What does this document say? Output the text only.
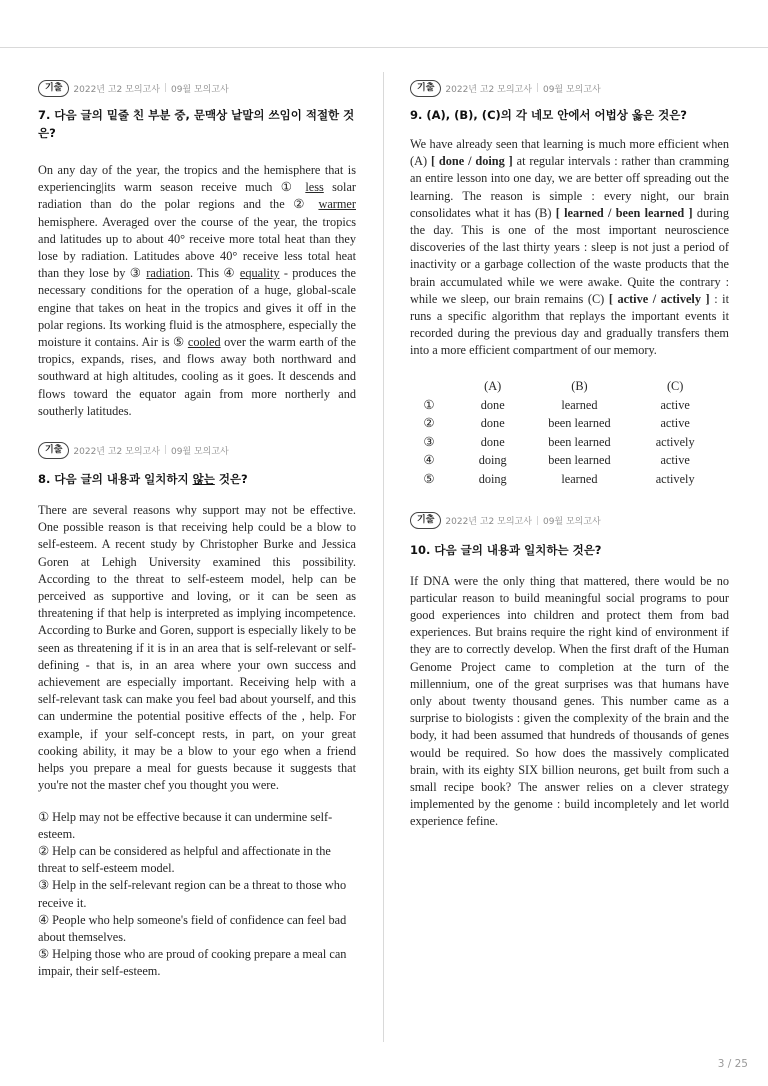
기출	2022년 고2 모의고사 | 09월 모의고사
7. 다음 글의 밑줄 친 부분 중, 문맥상 낱말의 쓰임이 적절한 것은?
On any day of the year, the tropics and the hemisphere that is experiencing|its warm season receive much ① less solar radiation than do the polar regions and the ② warmer hemisphere. Averaged over the course of the year, the tropics and latitudes up to about 40° receive more total heat than they lose by radiation. Latitudes above 40° receive less total heat than they lose by ③ radiation. This ④ equality - produces the necessary conditions for the operation of a huge, global-scale engine that takes on heat in the tropics and gives it off in the polar regions. Its working fluid is the atmosphere, especially the moisture it contains. Air is ⑤ cooled over the warm earth of the tropics, expands, rises, and flows away both northward and southward at high altitudes, cooling as it goes. It descends and flows toward the equator again from more northerly and southerly latitudes.
기출	2022년 고2 모의고사 | 09월 모의고사
8. 다음 글의 내용과 일치하지 않는 것은?
There are several reasons why support may not be effective. One possible reason is that receiving help could be a blow to self-esteem. A recent study by Christopher Burke and Jessica Goren at Lehigh University examined this possibility. According to the threat to self-esteem model, help can be perceived as supportive and loving, or it can be seen as threatening if that help is interpreted as implying incompetence. According to Burke and Goren, support is especially likely to be seen as threatening if it is in an area that is self-relevant or self- defining - that is, in an area where your own success and achievement are especially important. Receiving help with a self-relevant task can make you feel bad about yourself, and this can undermine the potential positive effects of the , help. For example, if your self-concept rests, in part, on your great cooking ability, it may be a blow to your ego when a friend helps you prepare a meal for guests because it suggests that you're not the master chef you thought you were.
① Help may not be effective because it can undermine self-esteem.
② Help can be considered as helpful and affectionate in the threat to self-esteem model.
③ Help in the self-relevant region can be a threat to those who receive it.
④ People who help someone's field of confidence can feel bad about themselves.
⑤ Helping those who are proud of cooking prepare a meal can impair, their self-esteem.
기출	2022년 고2 모의고사 | 09월 모의고사
9. (A), (B), (C)의 각 네모 안에서 어법상 옳은 것은?
We have already seen that learning is much more efficient when (A) [ done / doing ] at regular intervals : rather than cramming an entire lesson into one day, we are better off spreading out the learning. The reason is simple : every night, our brain consolidates what it has (B) [ learned / been learned ] during the day. This is one of the most important neuroscience discoveries of the last thirty years : sleep is not just a period of inactivity or a garbage collection of the waste products that the brain accumulated while we were awake. Quite the contrary : while we sleep, our brain remains (C) [ active / actively ] : it runs a specific algorithm that replays the important events it recorded during the previous day and gradually transfers them into a more efficient compartment of our memory.
	(A)	(B)	(C)
①	done	learned	active
②	done	been learned	active
③	done	been learned	actively
④	doing	been learned	active
⑤	doing	learned	actively
기출	2022년 고2 모의고사 | 09월 모의고사
10. 다음 글의 내용과 일치하는 것은?
If DNA were the only thing that mattered, there would be no particular reason to build meaningful social programs to pour good experiences into children and protect them from bad experiences. But brains require the right kind of environment if they are to correctly develop. When the first draft of the Human Genome Project came to completion at the turn of the millennium, one of the great surprises was that humans have only about twenty thousand genes. This number came as a surprise to biologists : given the complexity of the brain and the body, it had been assumed that hundreds of thousands of genes would be required. So how does the massively complicated brain, with its eighty SIX billion neurons, get built from such a small recipe book? The answer relies on a clever strategy implemented by the genome : build incompletely and let world experience fefine.
3 / 25
